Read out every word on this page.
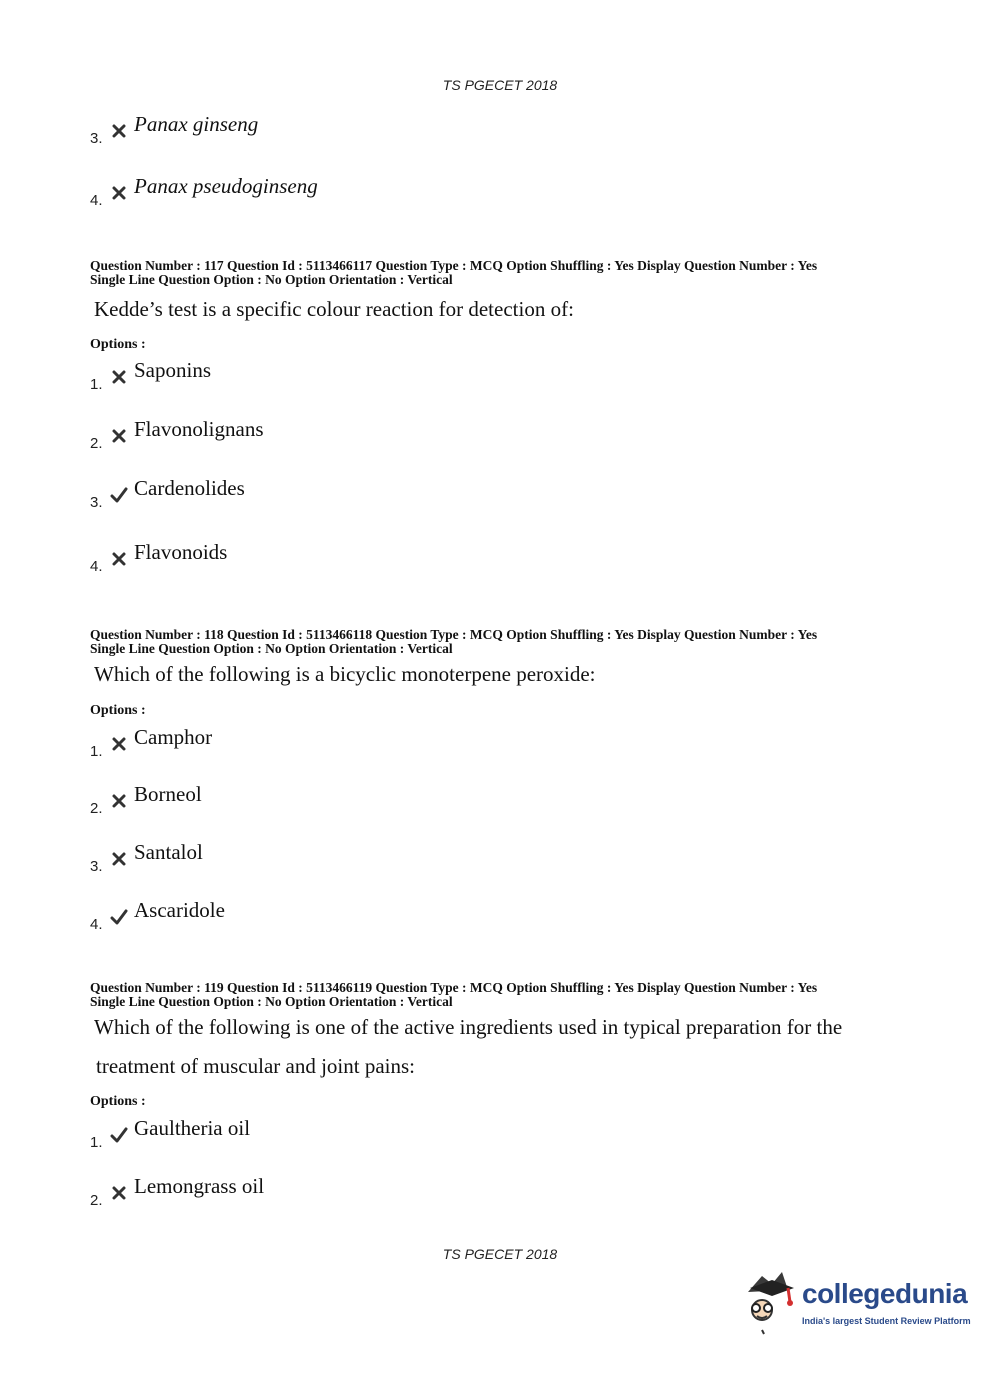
TS PGECET 2018
3.
Panax ginseng
4.
Panax pseudoginseng
Question Number : 117 Question Id : 5113466117 Question Type : MCQ Option Shuffling : Yes Display Question Number : Yes
Single Line Question Option : No Option Orientation : Vertical
Kedde’s test is a specific colour reaction for detection of:
Options :
1.
Saponins
2.
Flavonolignans
3.
Cardenolides
4.
Flavonoids
Question Number : 118 Question Id : 5113466118 Question Type : MCQ Option Shuffling : Yes Display Question Number : Yes
Single Line Question Option : No Option Orientation : Vertical
Which of the following is a bicyclic monoterpene peroxide:
Options :
1.
Camphor
2.
Borneol
3.
Santalol
4.
Ascaridole
Question Number : 119 Question Id : 5113466119 Question Type : MCQ Option Shuffling : Yes Display Question Number : Yes
Single Line Question Option : No Option Orientation : Vertical
Which of the following is one of the active ingredients used in typical preparation for the
treatment of muscular and joint pains:
Options :
1.
Gaultheria oil
2.
Lemongrass oil
TS PGECET 2018
collegedunia
India's largest Student Review Platform
